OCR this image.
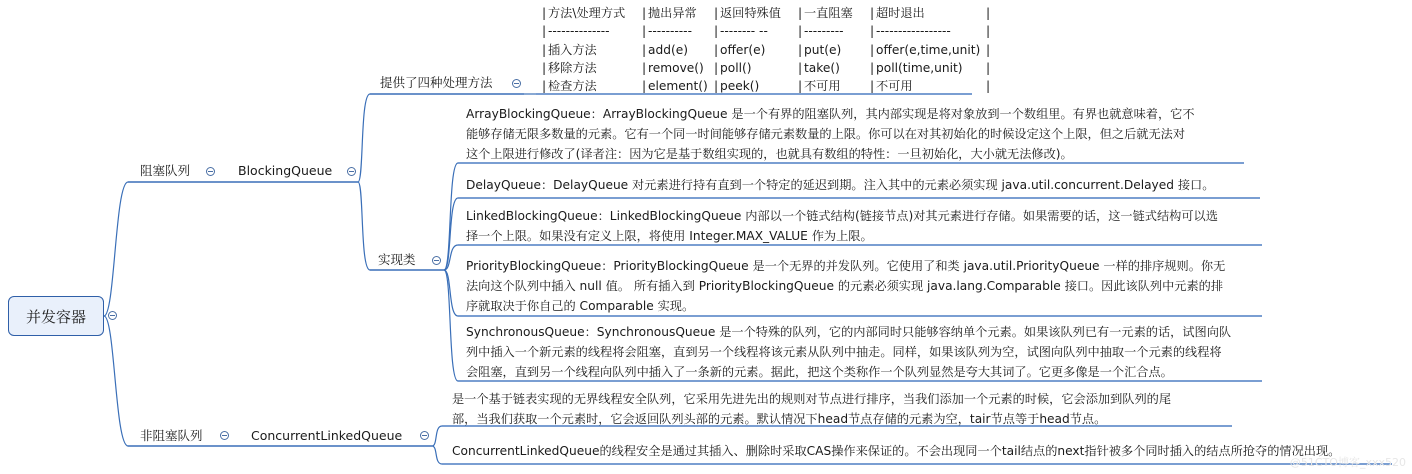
并发容器
阻塞队列
非阻塞队列
BlockingQueue
ConcurrentLinkedQueue
提供了四种处理方法
实现类
| 方法\处理方式	| 抛出异常	| 返回特殊值	| 一直阻塞	| 超时退出	|
| --------------	| ----------	| -------- --	| ---------	| -----------------	|
| 插入方法	| add(e)	| offer(e)	| put(e)	| offer(e,time,unit) |
| 移除方法	| remove() | poll()	| take()	| poll(time,unit)	|
| 检查方法	| element() | peek()	| 不可用	| 不可用	|
ArrayBlockingQueue：ArrayBlockingQueue 是一个有界的阻塞队列，其内部实现是将对象放到一个数组里。有界也就意味着，它不
能够存储无限多数量的元素。它有一个同一时间能够存储元素数量的上限。你可以在对其初始化的时候设定这个上限，但之后就无法对
这个上限进行修改了(译者注：因为它是基于数组实现的，也就具有数组的特性：一旦初始化，大小就无法修改)。
DelayQueue：DelayQueue 对元素进行持有直到一个特定的延迟到期。注入其中的元素必须实现 java.util.concurrent.Delayed 接口。
LinkedBlockingQueue：LinkedBlockingQueue 内部以一个链式结构(链接节点)对其元素进行存储。如果需要的话，这一链式结构可以选
择一个上限。如果没有定义上限，将使用 Integer.MAX_VALUE 作为上限。
PriorityBlockingQueue：PriorityBlockingQueue 是一个无界的并发队列。它使用了和类 java.util.PriorityQueue 一样的排序规则。你无
法向这个队列中插入 null 值。 所有插入到 PriorityBlockingQueue 的元素必须实现 java.lang.Comparable 接口。因此该队列中元素的排
序就取决于你自己的 Comparable 实现。
SynchronousQueue：SynchronousQueue 是一个特殊的队列，它的内部同时只能够容纳单个元素。如果该队列已有一元素的话，试图向队
列中插入一个新元素的线程将会阻塞，直到另一个线程将该元素从队列中抽走。同样，如果该队列为空，试图向队列中抽取一个元素的线程将
会阻塞，直到另一个线程向队列中插入了一条新的元素。据此，把这个类称作一个队列显然是夸大其词了。它更多像是一个汇合点。
是一个基于链表实现的无界线程安全队列，它采用先进先出的规则对节点进行排序，当我们添加一个元素的时候，它会添加到队列的尾
部，当我们获取一个元素时，它会返回队列头部的元素。默认情况下head节点存储的元素为空，tair节点等于head节点。
ConcurrentLinkedQueue的线程安全是通过其插入、删除时采取CAS操作来保证的。不会出现同一个tail结点的next指针被多个同时插入的结点所抢夺的情况出现。
@51CTO博客_xxx520
